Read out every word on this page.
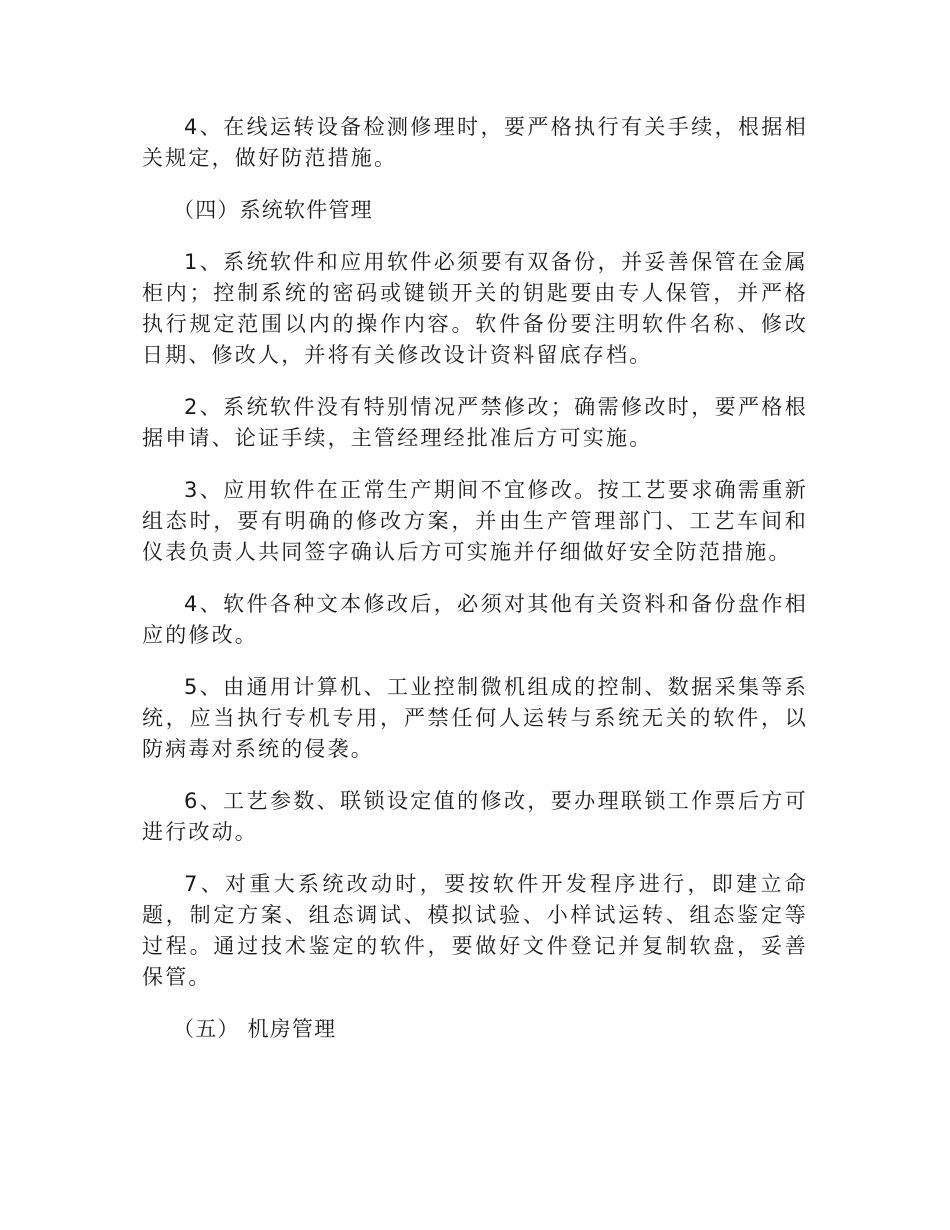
4、在线运转设备检测修理时，要严格执行有关手续，根据相关规定，做好防范措施。

（四）系统软件管理

1、系统软件和应用软件必须要有双备份，并妥善保管在金属柜内；控制系统的密码或键锁开关的钥匙要由专人保管，并严格执行规定范围以内的操作内容。软件备份要注明软件名称、修改日期、修改人，并将有关修改设计资料留底存档。

2、系统软件没有特别情况严禁修改；确需修改时，要严格根据申请、论证手续，主管经理经批准后方可实施。

3、应用软件在正常生产期间不宜修改。按工艺要求确需重新组态时，要有明确的修改方案，并由生产管理部门、工艺车间和仪表负责人共同签字确认后方可实施并仔细做好安全防范措施。

4、软件各种文本修改后，必须对其他有关资料和备份盘作相应的修改。

5、由通用计算机、工业控制微机组成的控制、数据采集等系统，应当执行专机专用，严禁任何人运转与系统无关的软件，以防病毒对系统的侵袭。

6、工艺参数、联锁设定值的修改，要办理联锁工作票后方可进行改动。

7、对重大系统改动时，要按软件开发程序进行，即建立命题，制定方案、组态调试、模拟试验、小样试运转、组态鉴定等过程。通过技术鉴定的软件，要做好文件登记并复制软盘，妥善保管。

（五） 机房管理
